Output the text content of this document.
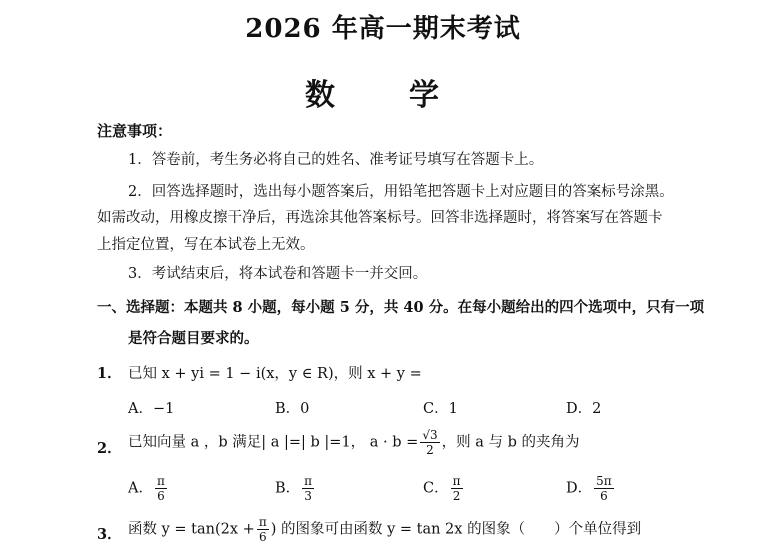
2026 年高一期末考试
数　学
注意事项：
1．答卷前，考生务必将自己的姓名、准考证号填写在答题卡上。
2．回答选择题时，选出每小题答案后，用铅笔把答题卡上对应题目的答案标号涂黑。
如需改动，用橡皮擦干净后，再选涂其他答案标号。回答非选择题时，将答案写在答题卡
上指定位置，写在本试卷上无效。
3．考试结束后，将本试卷和答题卡一并交回。
一、选择题：本题共 8 小题，每小题 5 分，共 40 分。在每小题给出的四个选项中，只有一项
是符合题目要求的。
1． 已知 x + yi = 1 − i(x，y ∈ R)，则 x + y =
A．−1	B．0	C．1	D．2
2． 已知向量 a ，b 满足| a |=| b |=1， $a \cdot b = \frac{√3}{2}$ ，则 a 与 b 的夹角为
A． $\frac{\pi}{6}$	B． $\frac{\pi}{3}$	C． $\frac{\pi}{2}$	D． $\frac{5\pi}{6}$
3． 函数 $y = \tan(2x + \frac{\pi}{6}$ ) 的图象可由函数 y = tan 2x 的图象（　　）个单位得到
